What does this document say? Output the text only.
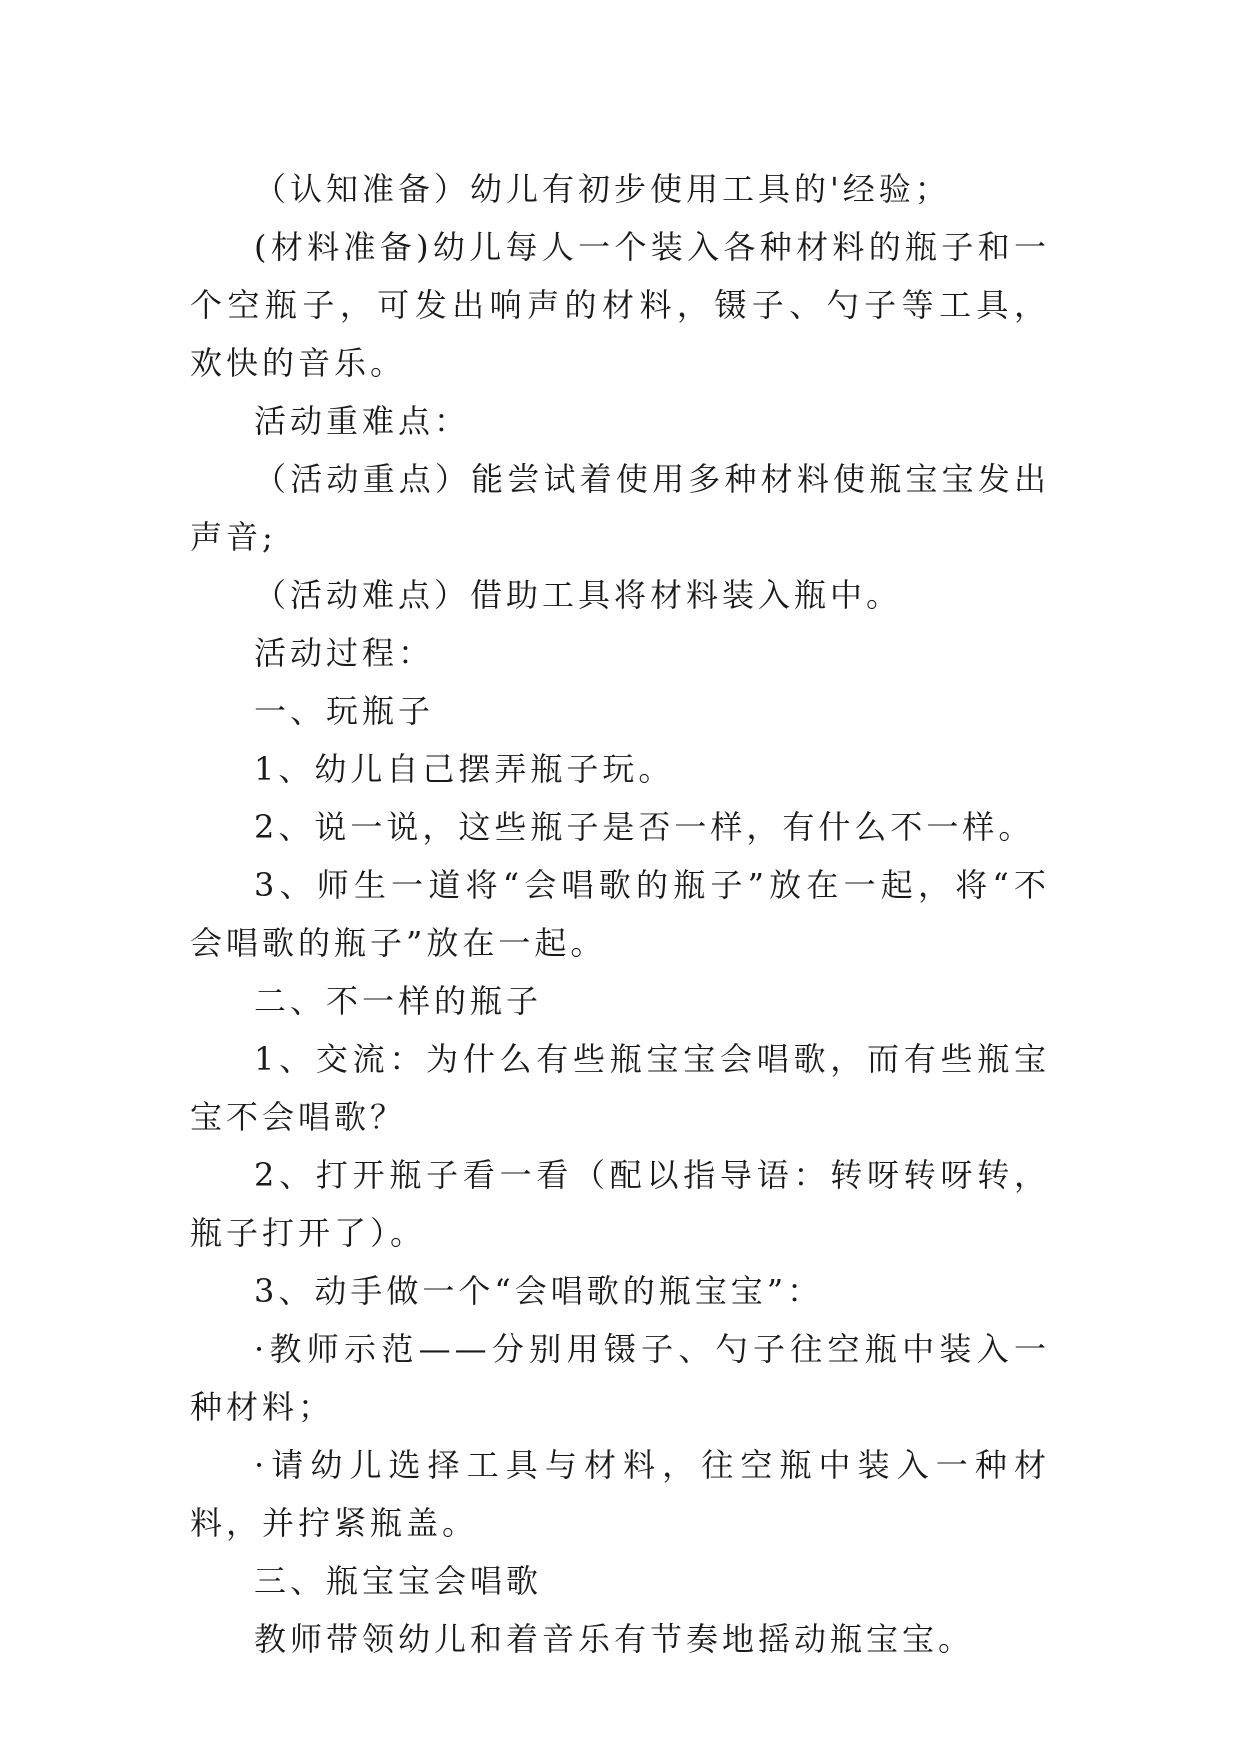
（认知准备）幼儿有初步使用工具的'经验；

(材料准备)幼儿每人一个装入各种材料的瓶子和一个空瓶子，可发出响声的材料，镊子、勺子等工具，欢快的音乐。

活动重难点：

（活动重点）能尝试着使用多种材料使瓶宝宝发出声音;

（活动难点）借助工具将材料装入瓶中。

活动过程：

一、玩瓶子

1、幼儿自己摆弄瓶子玩。

2、说一说，这些瓶子是否一样，有什么不一样。

3、师生一道将“会唱歌的瓶子”放在一起，将“不会唱歌的瓶子”放在一起。

二、不一样的瓶子

1、交流：为什么有些瓶宝宝会唱歌，而有些瓶宝宝不会唱歌？

2、打开瓶子看一看（配以指导语：转呀转呀转，瓶子打开了）。

3、动手做一个“会唱歌的瓶宝宝”：

·教师示范——分别用镊子、勺子往空瓶中装入一种材料；

·请幼儿选择工具与材料，往空瓶中装入一种材料，并拧紧瓶盖。

三、瓶宝宝会唱歌

教师带领幼儿和着音乐有节奏地摇动瓶宝宝。
